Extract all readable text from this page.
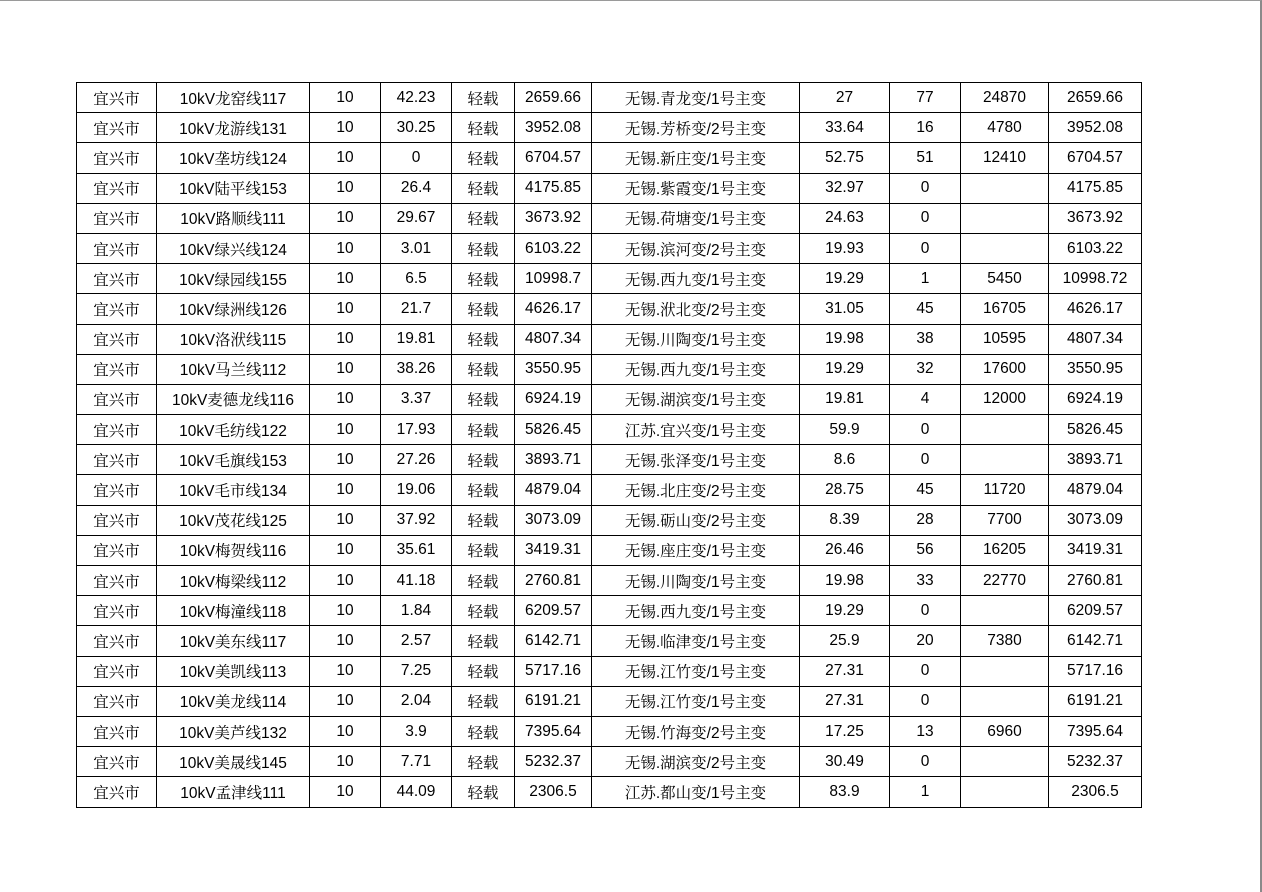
宜兴市	10kV龙窑线117	10	42.23	轻载	2659.66	无锡.青龙变/1号主变	27	77	24870	2659.66
宜兴市	10kV龙游线131	10	30.25	轻载	3952.08	无锡.芳桥变/2号主变	33.64	16	4780	3952.08
宜兴市	10kV垄坊线124	10	0	轻载	6704.57	无锡.新庄变/1号主变	52.75	51	12410	6704.57
宜兴市	10kV陆平线153	10	26.4	轻载	4175.85	无锡.紫霞变/1号主变	32.97	0		4175.85
宜兴市	10kV路顺线111	10	29.67	轻载	3673.92	无锡.荷塘变/1号主变	24.63	0		3673.92
宜兴市	10kV绿兴线124	10	3.01	轻载	6103.22	无锡.滨河变/2号主变	19.93	0		6103.22
宜兴市	10kV绿园线155	10	6.5	轻载	10998.7	无锡.西九变/1号主变	19.29	1	5450	10998.72
宜兴市	10kV绿洲线126	10	21.7	轻载	4626.17	无锡.洑北变/2号主变	31.05	45	16705	4626.17
宜兴市	10kV洛洑线115	10	19.81	轻载	4807.34	无锡.川陶变/1号主变	19.98	38	10595	4807.34
宜兴市	10kV马兰线112	10	38.26	轻载	3550.95	无锡.西九变/1号主变	19.29	32	17600	3550.95
宜兴市	10kV麦德龙线116	10	3.37	轻载	6924.19	无锡.湖滨变/1号主变	19.81	4	12000	6924.19
宜兴市	10kV毛纺线122	10	17.93	轻载	5826.45	江苏.宜兴变/1号主变	59.9	0		5826.45
宜兴市	10kV毛旗线153	10	27.26	轻载	3893.71	无锡.张泽变/1号主变	8.6	0		3893.71
宜兴市	10kV毛市线134	10	19.06	轻载	4879.04	无锡.北庄变/2号主变	28.75	45	11720	4879.04
宜兴市	10kV茂花线125	10	37.92	轻载	3073.09	无锡.砺山变/2号主变	8.39	28	7700	3073.09
宜兴市	10kV梅贺线116	10	35.61	轻载	3419.31	无锡.座庄变/1号主变	26.46	56	16205	3419.31
宜兴市	10kV梅梁线112	10	41.18	轻载	2760.81	无锡.川陶变/1号主变	19.98	33	22770	2760.81
宜兴市	10kV梅潼线118	10	1.84	轻载	6209.57	无锡.西九变/1号主变	19.29	0		6209.57
宜兴市	10kV美东线117	10	2.57	轻载	6142.71	无锡.临津变/1号主变	25.9	20	7380	6142.71
宜兴市	10kV美凯线113	10	7.25	轻载	5717.16	无锡.江竹变/1号主变	27.31	0		5717.16
宜兴市	10kV美龙线114	10	2.04	轻载	6191.21	无锡.江竹变/1号主变	27.31	0		6191.21
宜兴市	10kV美芦线132	10	3.9	轻载	7395.64	无锡.竹海变/2号主变	17.25	13	6960	7395.64
宜兴市	10kV美晟线145	10	7.71	轻载	5232.37	无锡.湖滨变/2号主变	30.49	0		5232.37
宜兴市	10kV孟津线111	10	44.09	轻载	2306.5	江苏.都山变/1号主变	83.9	1		2306.5
